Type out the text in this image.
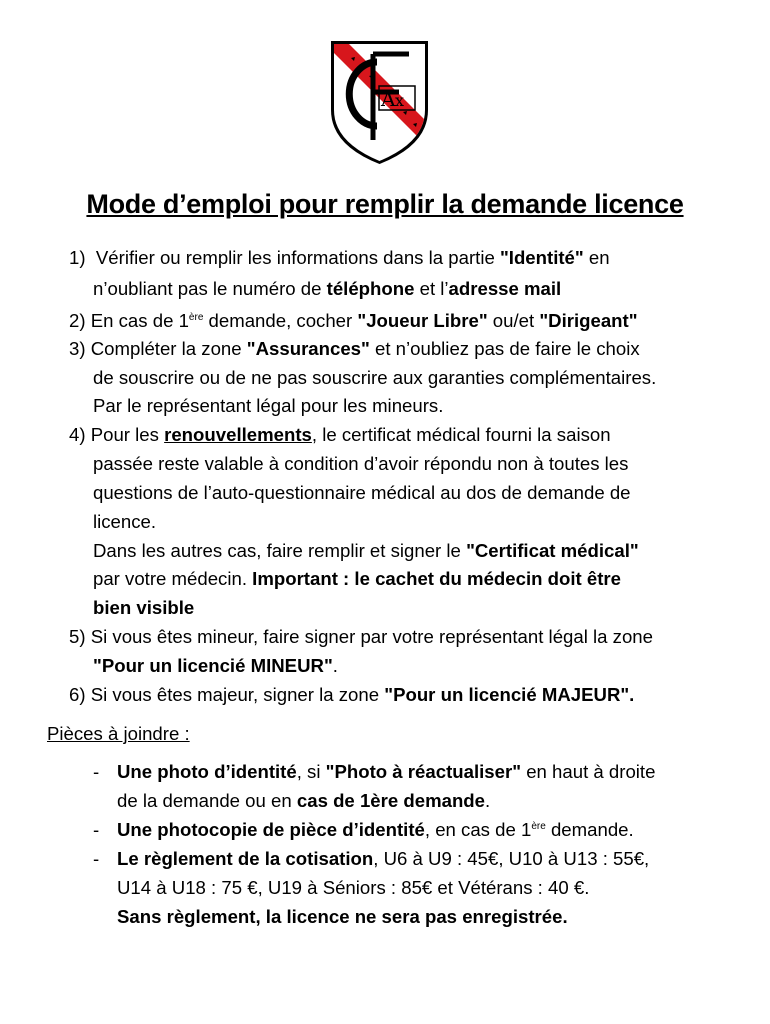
A x
Mode d’emploi pour remplir la demande licence
1) Vérifier ou remplir les informations dans la partie "Identité" en
n’oubliant pas le numéro de téléphone et l’adresse mail
2) En cas de 1ère demande, cocher "Joueur Libre" ou/et "Dirigeant"
3) Compléter la zone "Assurances" et n’oubliez pas de faire le choix
de souscrire ou de ne pas souscrire aux garanties complémentaires.
Par le représentant légal pour les mineurs.
4) Pour les renouvellements, le certificat médical fourni la saison
passée reste valable à condition d’avoir répondu non à toutes les
questions de l’auto-questionnaire médical au dos de demande de
licence.
Dans les autres cas, faire remplir et signer le "Certificat médical"
par votre médecin. Important : le cachet du médecin doit être
bien visible
5) Si vous êtes mineur, faire signer par votre représentant légal la zone
"Pour un licencié MINEUR".
6) Si vous êtes majeur, signer la zone "Pour un licencié MAJEUR".
Pièces à joindre :
- Une photo d’identité, si "Photo à réactualiser" en haut à droite
de la demande ou en cas de 1ère demande.
- Une photocopie de pièce d’identité, en cas de 1ère demande.
- Le règlement de la cotisation, U6 à U9 : 45€, U10 à U13 : 55€,
U14 à U18 : 75 €, U19 à Séniors : 85€ et Vétérans : 40 €.
Sans règlement, la licence ne sera pas enregistrée.
